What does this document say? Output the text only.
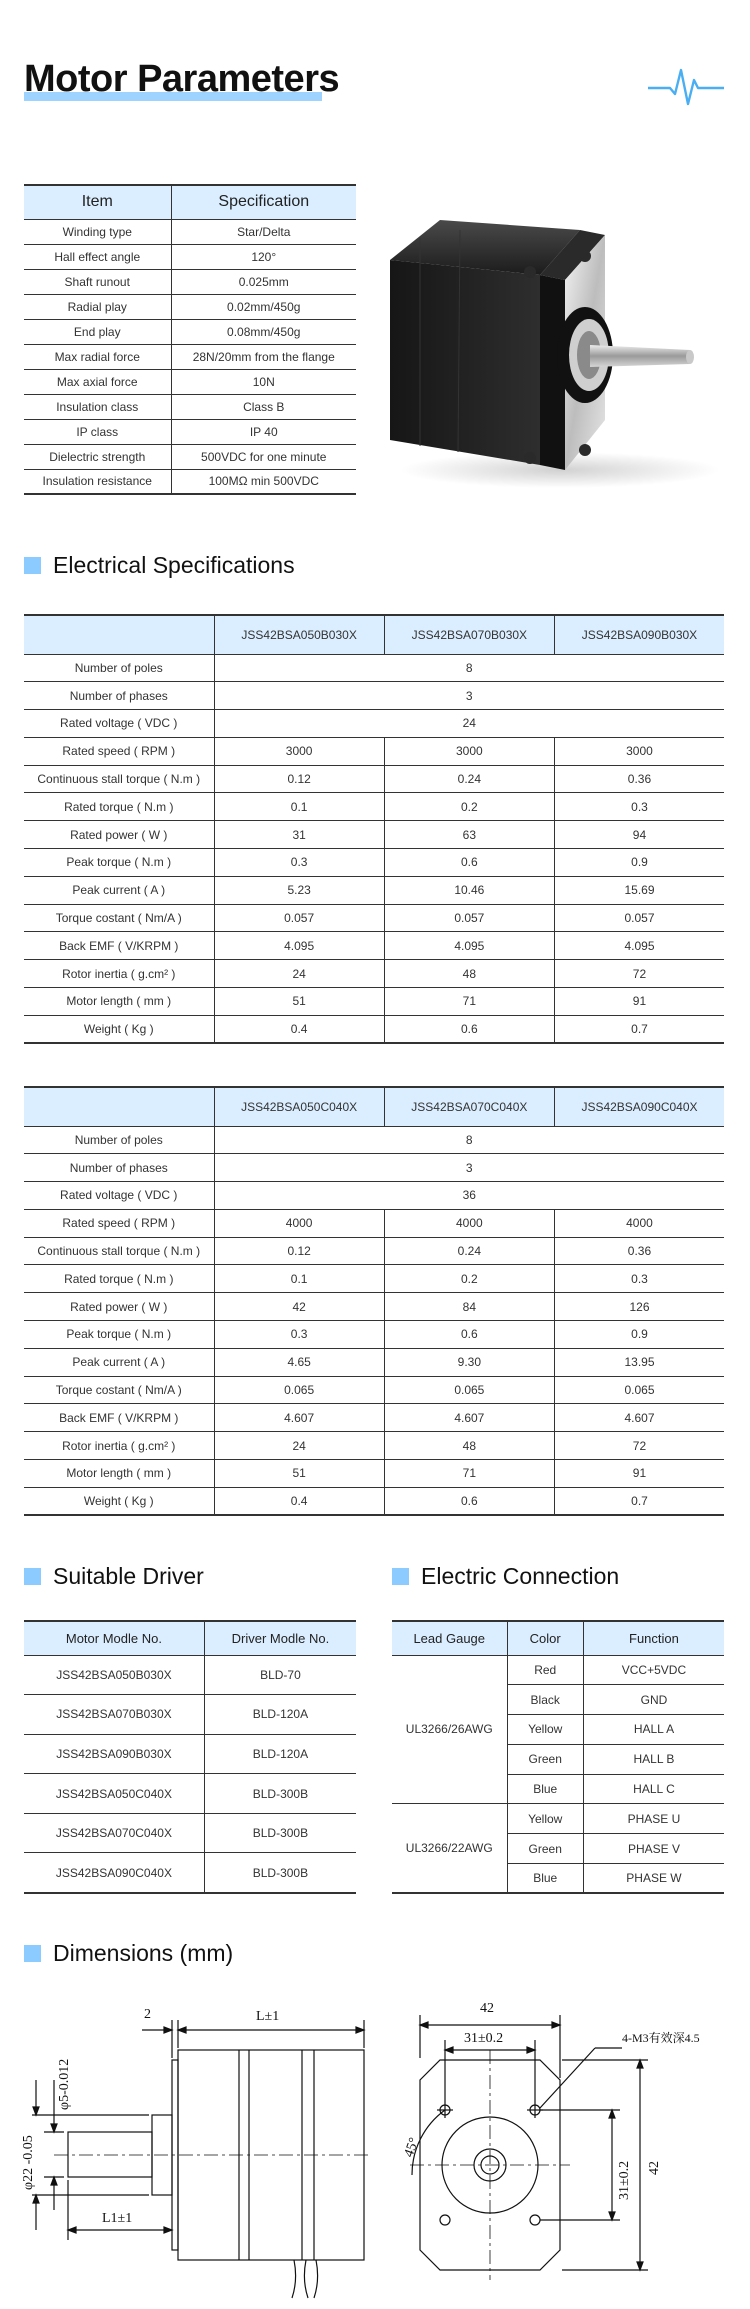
Motor Parameters
Item	Specification
Winding type	Star/Delta
Hall effect angle	120°
Shaft runout	0.025mm
Radial play	0.02mm/450g
End play	0.08mm/450g
Max radial force	28N/20mm from the flange
Max axial force	10N
Insulation class	Class B
IP class	IP 40
Dielectric strength	500VDC for one minute
Insulation resistance	100MΩ min 500VDC
Electrical Specifications
	JSS42BSA050B030X	JSS42BSA070B030X	JSS42BSA090B030X
Number of poles	8		
Number of phases	3		
Rated voltage ( VDC )	24		
Rated speed ( RPM )	3000	3000	3000
Continuous stall torque ( N.m )	0.12	0.24	0.36
Rated torque ( N.m )	0.1	0.2	0.3
Rated power ( W )	31	63	94
Peak torque ( N.m )	0.3	0.6	0.9
Peak current ( A )	5.23	10.46	15.69
Torque costant ( Nm/A )	0.057	0.057	0.057
Back EMF ( V/KRPM )	4.095	4.095	4.095
Rotor inertia ( g.cm² )	24	48	72
Motor length ( mm )	51	71	91
Weight ( Kg )	0.4	0.6	0.7
	JSS42BSA050C040X	JSS42BSA070C040X	JSS42BSA090C040X
Number of poles	8		
Number of phases	3		
Rated voltage ( VDC )	36		
Rated speed ( RPM )	4000	4000	4000
Continuous stall torque ( N.m )	0.12	0.24	0.36
Rated torque ( N.m )	0.1	0.2	0.3
Rated power ( W )	42	84	126
Peak torque ( N.m )	0.3	0.6	0.9
Peak current ( A )	4.65	9.30	13.95
Torque costant ( Nm/A )	0.065	0.065	0.065
Back EMF ( V/KRPM )	4.607	4.607	4.607
Rotor inertia ( g.cm² )	24	48	72
Motor length ( mm )	51	71	91
Weight ( Kg )	0.4	0.6	0.7
Suitable Driver
Motor Modle No.	Driver Modle No.
JSS42BSA050B030X	BLD-70
JSS42BSA070B030X	BLD-120A
JSS42BSA090B030X	BLD-120A
JSS42BSA050C040X	BLD-300B
JSS42BSA070C040X	BLD-300B
JSS42BSA090C040X	BLD-300B
Electric Connection
Lead Gauge	Color	Function
UL3266/26AWG	Red	VCC+5VDC
	Black	GND
	Yellow	HALL A
	Green	HALL B
	Blue	HALL C
UL3266/22AWG	Yellow	PHASE U
	Green	PHASE V
	Blue	PHASE W
Dimensions (mm)
2	L±1
φ5-0.012
φ22 -0.05
L1±1
42
31±0.2	4-M3有效深4.5
45°
31±0.2 42
